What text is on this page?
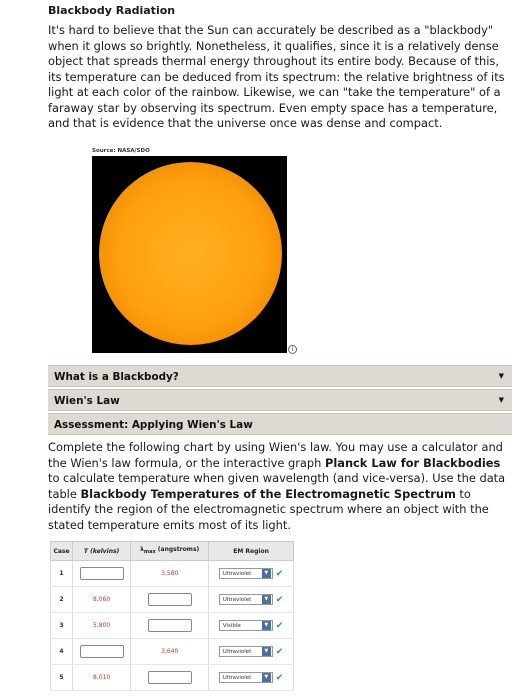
Blackbody Radiation

It's hard to believe that the Sun can accurately be described as a "blackbody" when it glows so brightly. Nonetheless, it qualifies, since it is a relatively dense object that spreads thermal energy throughout its entire body. Because of this, its temperature can be deduced from its spectrum: the relative brightness of its light at each color of the rainbow. Likewise, we can "take the temperature" of a faraway star by observing its spectrum. Even empty space has a temperature, and that is evidence that the universe once was dense and compact.

Source: NASA/SDO
i
What is a Blackbody?	▼
Wien's Law	▼
Assessment: Applying Wien's Law

Complete the following chart by using Wien's law. You may use a calculator and the Wien's law formula, or the interactive graph Planck Law for Blackbodies to calculate temperature when given wavelength (and vice-versa). Use the data table Blackbody Temperatures of the Electromagnetic Spectrum to identify the region of the electromagnetic spectrum where an object with the stated temperature emits most of its light.

Case	T (kelvins)	$\lambda_{max}$ (angstroms)	EM Region
1		3,580	Ultraviolet ▼ ✔

2	8,060		Ultraviolet ▼ ✔

3	5,800		Visible ▼ ✔

4		3,640	Ultraviolet ▼ ✔

5	8,010		Ultraviolet ▼ ✔
